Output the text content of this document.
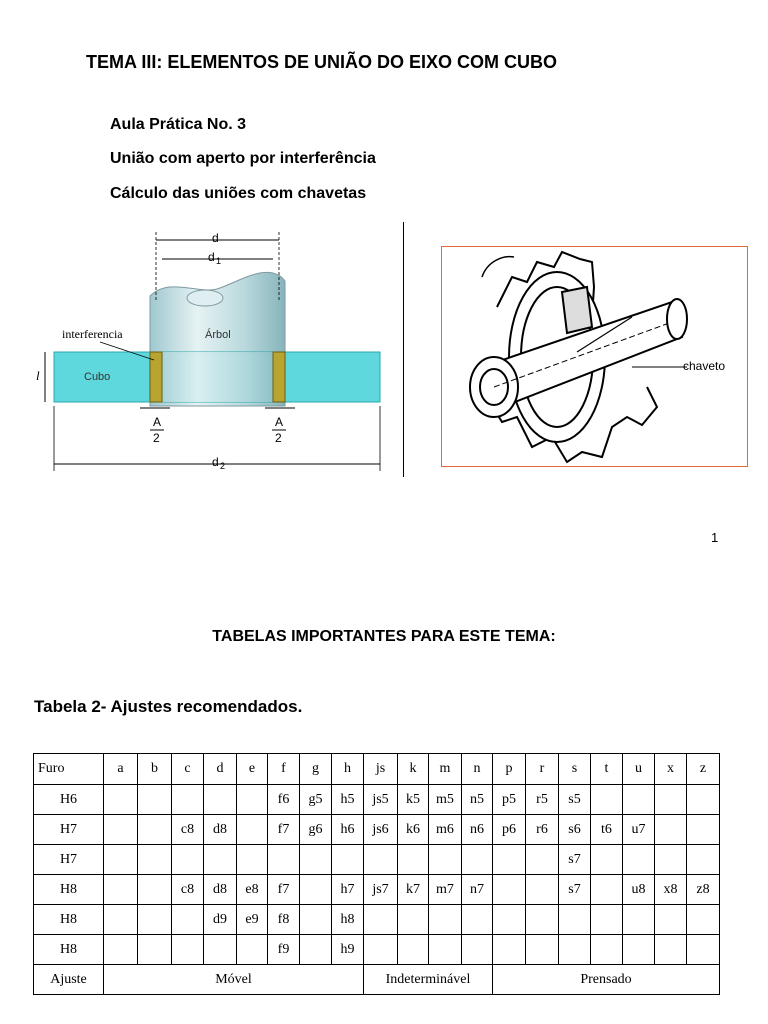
TEMA III: ELEMENTOS DE UNIÃO DO EIXO COM CUBO
Aula Prática No. 3
União com aperto por interferência
Cálculo das uniões com chavetas
d
d 1
interferencia	Árbol
Cubo
l
A
2
A
2
d 2
chaveto
1
TABELAS IMPORTANTES PARA ESTE TEMA:
Tabela 2- Ajustes recomendados.
Furo	a	b	c	d	e	f	g	h	js	k	m	n	p	r	s	t	u	x	z
H6						f6	g5	h5	js5	k5	m5	n5	p5	r5	s5				
H7			c8	d8		f7	g6	h6	js6	k6	m6	n6	p6	r6	s6	t6	u7		
H7															s7				
H8			c8	d8	e8	f7		h7	js7	k7	m7	n7			s7		u8	x8	z8
H8				d9	e9	f8		h8											
H8						f9		h9											
Ajuste	Móvel								Indeterminável				Prensado						
